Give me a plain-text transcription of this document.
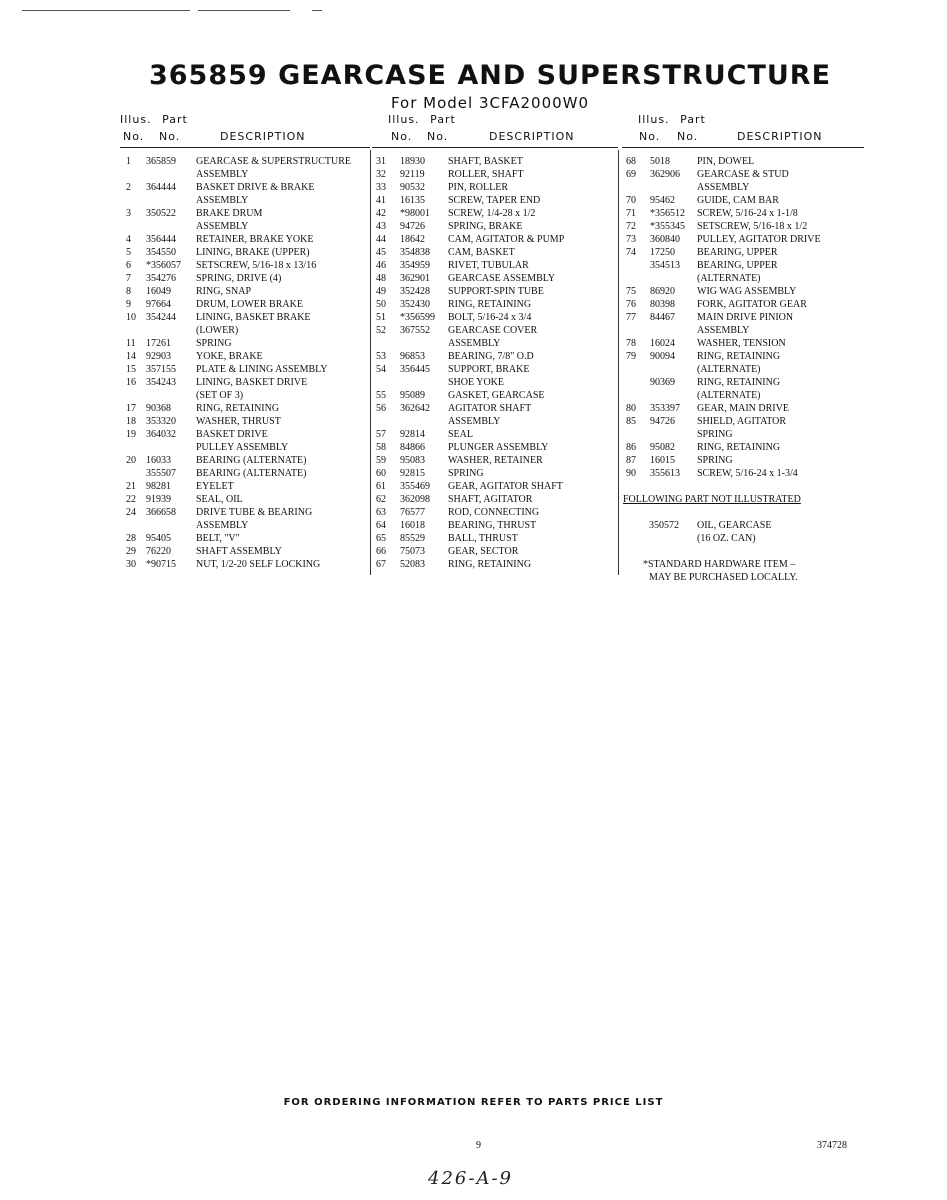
365859 GEARCASE AND SUPERSTRUCTURE
For Model 3CFA2000W0
Illus. Part
No. No.	DESCRIPTION
1 365859 GEARCASE & SUPERSTRUCTURE
ASSEMBLY
2 364444 BASKET DRIVE & BRAKE
ASSEMBLY
3 350522 BRAKE DRUM
ASSEMBLY
4 356444 RETAINER, BRAKE YOKE
5 354550 LINING, BRAKE (UPPER)
6 *356057 SETSCREW, 5/16-18 x 13/16
7 354276 SPRING, DRIVE (4)
8 16049	RING, SNAP
9 97664	DRUM, LOWER BRAKE
10 354244 LINING, BASKET BRAKE
(LOWER)
11 17261	SPRING
14 92903	YOKE, BRAKE
15 357155 PLATE & LINING ASSEMBLY
16 354243 LINING, BASKET DRIVE
(SET OF 3)
17 90368	RING, RETAINING
18 353320 WASHER, THRUST
19 364032 BASKET DRIVE
PULLEY ASSEMBLY
20 16033	BEARING (ALTERNATE)
355507 BEARING (ALTERNATE)
21 98281	EYELET
22 91939	SEAL, OIL
24 366658 DRIVE TUBE & BEARING
ASSEMBLY
28 95405	BELT, "V"
29 76220	SHAFT ASSEMBLY
30 *90715 NUT, 1/2-20 SELF LOCKING
Illus. Part
No. No.	DESCRIPTION
31 18930 SHAFT, BASKET
32 92119 ROLLER, SHAFT
33 90532 PIN, ROLLER
41 16135 SCREW, TAPER END
42 *98001 SCREW, 1/4-28 x 1/2
43 94726 SPRING, BRAKE
44 18642 CAM, AGITATOR & PUMP
45 354838 CAM, BASKET
46 354959 RIVET, TUBULAR
48 362901 GEARCASE ASSEMBLY
49 352428 SUPPORT-SPIN TUBE
50 352430 RING, RETAINING
51 *356599 BOLT, 5/16-24 x 3/4
52 367552 GEARCASE COVER
ASSEMBLY
53 96853 BEARING, 7/8" O.D
54 356445 SUPPORT, BRAKE
SHOE YOKE
55 95089 GASKET, GEARCASE
56 362642 AGITATOR SHAFT
ASSEMBLY
57 92814 SEAL
58 84866 PLUNGER ASSEMBLY
59 95083 WASHER, RETAINER
60 92815 SPRING
61 355469 GEAR, AGITATOR SHAFT
62 362098 SHAFT, AGITATOR
63 76577 ROD, CONNECTING
64 16018 BEARING, THRUST
65 85529 BALL, THRUST
66 75073 GEAR, SECTOR
67 52083 RING, RETAINING
Illus. Part
No. No.	DESCRIPTION
68 5018	PIN, DOWEL
69 362906 GEARCASE & STUD
ASSEMBLY
70 95462 GUIDE, CAM BAR
71 *356512 SCREW, 5/16-24 x 1-1/8
72 *355345 SETSCREW, 5/16-18 x 1/2
73 360840 PULLEY, AGITATOR DRIVE
74 17250 BEARING, UPPER
354513 BEARING, UPPER
(ALTERNATE)
75 86920 WIG WAG ASSEMBLY
76 80398 FORK, AGITATOR GEAR
77 84467 MAIN DRIVE PINION
ASSEMBLY
78 16024 WASHER, TENSION
79 90094 RING, RETAINING
(ALTERNATE)
90369 RING, RETAINING
(ALTERNATE)
80 353397 GEAR, MAIN DRIVE
85 94726 SHIELD, AGITATOR
SPRING
86 95082 RING, RETAINING
87 16015 SPRING
90 355613 SCREW, 5/16-24 x 1-3/4
FOLLOWING PART NOT ILLUSTRATED
350572 OIL, GEARCASE
(16 OZ. CAN)
*STANDARD HARDWARE ITEM –
MAY BE PURCHASED LOCALLY.
FOR ORDERING INFORMATION REFER TO PARTS PRICE LIST
9	374728
426-A-9
